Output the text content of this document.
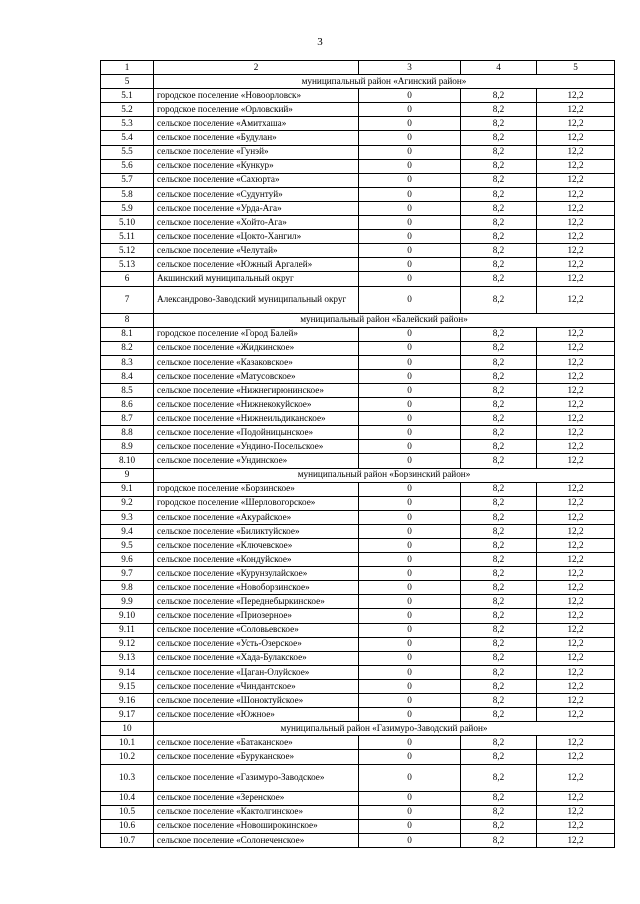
3
1	2	3	4	5
5	муниципальный район «Агинский район»			
5.1	городское поселение «Новоорловск»	0	8,2	12,2
5.2	городское поселение «Орловский»	0	8,2	12,2
5.3	сельское поселение «Амитхаша»	0	8,2	12,2
5.4	сельское поселение «Будулан»	0	8,2	12,2
5.5	сельское поселение «Гунэй»	0	8,2	12,2
5.6	сельское поселение «Кункур»	0	8,2	12,2
5.7	сельское поселение «Сахюрта»	0	8,2	12,2
5.8	сельское поселение «Судунтуй»	0	8,2	12,2
5.9	сельское поселение «Урда-Ага»	0	8,2	12,2
5.10	сельское поселение «Хойто-Ага»	0	8,2	12,2
5.11	сельское поселение «Цокто-Хангил»	0	8,2	12,2
5.12	сельское поселение «Челутай»	0	8,2	12,2
5.13	сельское поселение «Южный Аргалей»	0	8,2	12,2
6	Акшинский муниципальный округ	0	8,2	12,2
7	Александрово-Заводский муниципальный округ	0	8,2	12,2
8	муниципальный район «Балейский район»			
8.1	городское поселение «Город Балей»	0	8,2	12,2
8.2	сельское поселение «Жидкинское»	0	8,2	12,2
8.3	сельское поселение «Казаковское»	0	8,2	12,2
8.4	сельское поселение «Матусовское»	0	8,2	12,2
8.5	сельское поселение «Нижнегирюнинское»	0	8,2	12,2
8.6	сельское поселение «Нижнекокуйское»	0	8,2	12,2
8.7	сельское поселение «Нижнеильдиканское»	0	8,2	12,2
8.8	сельское поселение «Подойницынское»	0	8,2	12,2
8.9	сельское поселение «Ундино-Посельское»	0	8,2	12,2
8.10	сельское поселение «Ундинское»	0	8,2	12,2
9	муниципальный район «Борзинский район»			
9.1	городское поселение «Борзинское»	0	8,2	12,2
9.2	городское поселение «Шерловогорское»	0	8,2	12,2
9.3	сельское поселение «Акурайское»	0	8,2	12,2
9.4	сельское поселение «Биликтуйское»	0	8,2	12,2
9.5	сельское поселение «Ключевское»	0	8,2	12,2
9.6	сельское поселение «Кондуйское»	0	8,2	12,2
9.7	сельское поселение «Курунзулайское»	0	8,2	12,2
9.8	сельское поселение «Новоборзинское»	0	8,2	12,2
9.9	сельское поселение «Переднебыркинское»	0	8,2	12,2
9.10	сельское поселение «Приозерное»	0	8,2	12,2
9.11	сельское поселение «Соловьевское»	0	8,2	12,2
9.12	сельское поселение «Усть-Озерское»	0	8,2	12,2
9.13	сельское поселение «Хада-Булакское»	0	8,2	12,2
9.14	сельское поселение «Цаган-Олуйское»	0	8,2	12,2
9.15	сельское поселение «Чиндантское»	0	8,2	12,2
9.16	сельское поселение «Шоноктуйское»	0	8,2	12,2
9.17	сельское поселение «Южное»	0	8,2	12,2
10	муниципальный район «Газимуро-Заводский район»			
10.1	сельское поселение «Батаканское»	0	8,2	12,2
10.2	сельское поселение «Буруканское»	0	8,2	12,2
10.3	сельское поселение «Газимуро-Заводское»	0	8,2	12,2
10.4	сельское поселение «Зеренское»	0	8,2	12,2
10.5	сельское поселение «Кактолгинское»	0	8,2	12,2
10.6	сельское поселение «Новоширокинское»	0	8,2	12,2
10.7	сельское поселение «Солонеченское»	0	8,2	12,2
